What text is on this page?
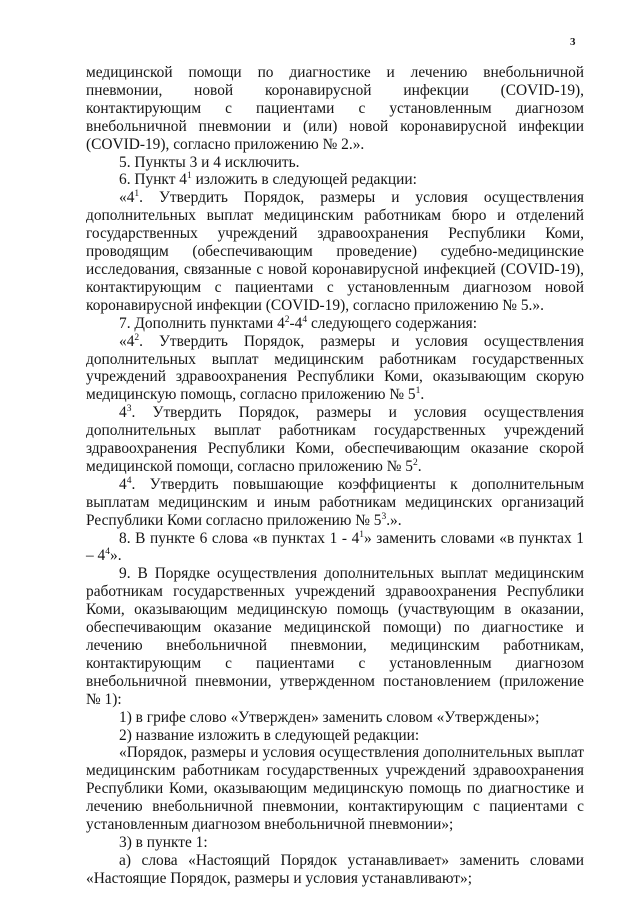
3

медицинской помощи по диагностике и лечению внебольничной пневмонии, новой коронавирусной инфекции (COVID-19), контактирующим с пациентами с установленным диагнозом внебольничной пневмонии и (или) новой коронавирусной инфекции (COVID-19), согласно приложению № 2.».

5. Пункты 3 и 4 исключить.

6. Пункт $4^1$ изложить в следующей редакции:

«$4^1$. Утвердить Порядок, размеры и условия осуществления дополнительных выплат медицинским работникам бюро и отделений государственных учреждений здравоохранения Республики Коми, проводящим (обеспечивающим проведение) судебно-медицинские исследования, связанные с новой коронавирусной инфекцией (COVID-19), контактирующим с пациентами с установленным диагнозом новой коронавирусной инфекции (COVID-19), согласно приложению № 5.».

7. Дополнить пунктами $4^2-4^4$ следующего содержания:

«$4^2$. Утвердить Порядок, размеры и условия осуществления дополнительных выплат медицинским работникам государственных учреждений здравоохранения Республики Коми, оказывающим скорую медицинскую помощь, согласно приложению № $5^1$.

$4^3$. Утвердить Порядок, размеры и условия осуществления дополнительных выплат работникам государственных учреждений здравоохранения Республики Коми, обеспечивающим оказание скорой медицинской помощи, согласно приложению № $5^2$.

$4^4$. Утвердить повышающие коэффициенты к дополнительным выплатам медицинским и иным работникам медицинских организаций Республики Коми согласно приложению № $5^3$.».

8. В пункте 6 слова «в пунктах $1 - 4^1$» заменить словами «в пунктах $1 - 4^4$».

9. В Порядке осуществления дополнительных выплат медицинским работникам государственных учреждений здравоохранения Республики Коми, оказывающим медицинскую помощь (участвующим в оказании, обеспечивающим оказание медицинской помощи) по диагностике и лечению внебольничной пневмонии, медицинским работникам, контактирующим с пациентами с установленным диагнозом внебольничной пневмонии, утвержденном постановлением (приложение № 1):

1) в грифе слово «Утвержден» заменить словом «Утверждены»;

2) название изложить в следующей редакции:

«Порядок, размеры и условия осуществления дополнительных выплат медицинским работникам государственных учреждений здравоохранения Республики Коми, оказывающим медицинскую помощь по диагностике и лечению внебольничной пневмонии, контактирующим с пациентами с установленным диагнозом внебольничной пневмонии»;

3) в пункте 1:

а) слова «Настоящий Порядок устанавливает» заменить словами «Настоящие Порядок, размеры и условия устанавливают»;
